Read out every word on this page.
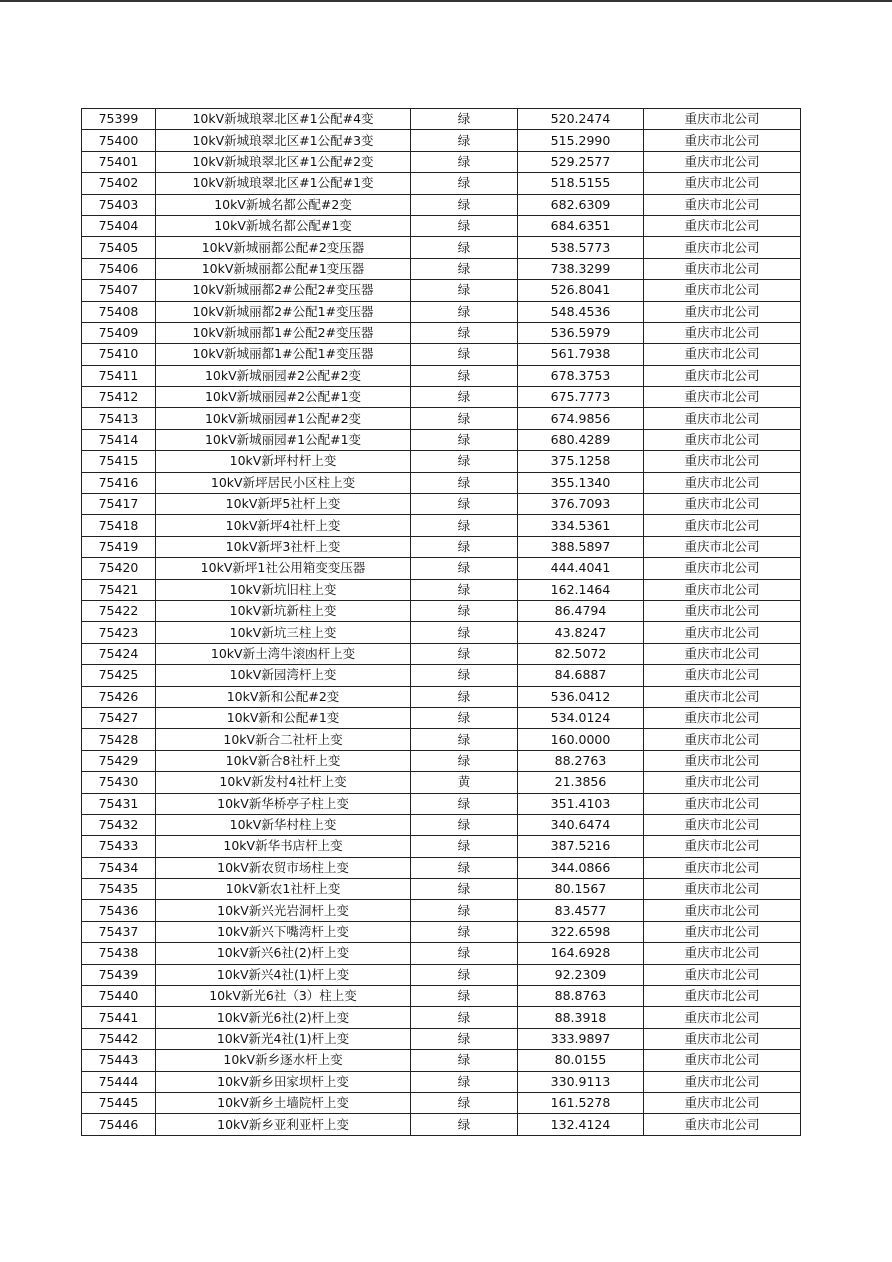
75399	10kV新城琅翠北区#1公配#4变	绿	520.2474	重庆市北公司
75400	10kV新城琅翠北区#1公配#3变	绿	515.2990	重庆市北公司
75401	10kV新城琅翠北区#1公配#2变	绿	529.2577	重庆市北公司
75402	10kV新城琅翠北区#1公配#1变	绿	518.5155	重庆市北公司
75403	10kV新城名都公配#2变	绿	682.6309	重庆市北公司
75404	10kV新城名都公配#1变	绿	684.6351	重庆市北公司
75405	10kV新城丽都公配#2变压器	绿	538.5773	重庆市北公司
75406	10kV新城丽都公配#1变压器	绿	738.3299	重庆市北公司
75407	10kV新城丽都2#公配2#变压器	绿	526.8041	重庆市北公司
75408	10kV新城丽都2#公配1#变压器	绿	548.4536	重庆市北公司
75409	10kV新城丽都1#公配2#变压器	绿	536.5979	重庆市北公司
75410	10kV新城丽都1#公配1#变压器	绿	561.7938	重庆市北公司
75411	10kV新城丽园#2公配#2变	绿	678.3753	重庆市北公司
75412	10kV新城丽园#2公配#1变	绿	675.7773	重庆市北公司
75413	10kV新城丽园#1公配#2变	绿	674.9856	重庆市北公司
75414	10kV新城丽园#1公配#1变	绿	680.4289	重庆市北公司
75415	10kV新坪村杆上变	绿	375.1258	重庆市北公司
75416	10kV新坪居民小区柱上变	绿	355.1340	重庆市北公司
75417	10kV新坪5社杆上变	绿	376.7093	重庆市北公司
75418	10kV新坪4社杆上变	绿	334.5361	重庆市北公司
75419	10kV新坪3社杆上变	绿	388.5897	重庆市北公司
75420	10kV新坪1社公用箱变变压器	绿	444.4041	重庆市北公司
75421	10kV新坑旧柱上变	绿	162.1464	重庆市北公司
75422	10kV新坑新柱上变	绿	86.4794	重庆市北公司
75423	10kV新坑三柱上变	绿	43.8247	重庆市北公司
75424	10kV新土湾牛滚凼杆上变	绿	82.5072	重庆市北公司
75425	10kV新园湾杆上变	绿	84.6887	重庆市北公司
75426	10kV新和公配#2变	绿	536.0412	重庆市北公司
75427	10kV新和公配#1变	绿	534.0124	重庆市北公司
75428	10kV新合二社杆上变	绿	160.0000	重庆市北公司
75429	10kV新合8社杆上变	绿	88.2763	重庆市北公司
75430	10kV新发村4社杆上变	黄	21.3856	重庆市北公司
75431	10kV新华桥亭子柱上变	绿	351.4103	重庆市北公司
75432	10kV新华村柱上变	绿	340.6474	重庆市北公司
75433	10kV新华书店杆上变	绿	387.5216	重庆市北公司
75434	10kV新农贸市场柱上变	绿	344.0866	重庆市北公司
75435	10kV新农1社杆上变	绿	80.1567	重庆市北公司
75436	10kV新兴光岩洞杆上变	绿	83.4577	重庆市北公司
75437	10kV新兴下嘴湾杆上变	绿	322.6598	重庆市北公司
75438	10kV新兴6社(2)杆上变	绿	164.6928	重庆市北公司
75439	10kV新兴4社(1)杆上变	绿	92.2309	重庆市北公司
75440	10kV新光6社（3）柱上变	绿	88.8763	重庆市北公司
75441	10kV新光6社(2)杆上变	绿	88.3918	重庆市北公司
75442	10kV新光4社(1)杆上变	绿	333.9897	重庆市北公司
75443	10kV新乡逐水杆上变	绿	80.0155	重庆市北公司
75444	10kV新乡田家坝杆上变	绿	330.9113	重庆市北公司
75445	10kV新乡土墙院杆上变	绿	161.5278	重庆市北公司
75446	10kV新乡亚利亚杆上变	绿	132.4124	重庆市北公司
